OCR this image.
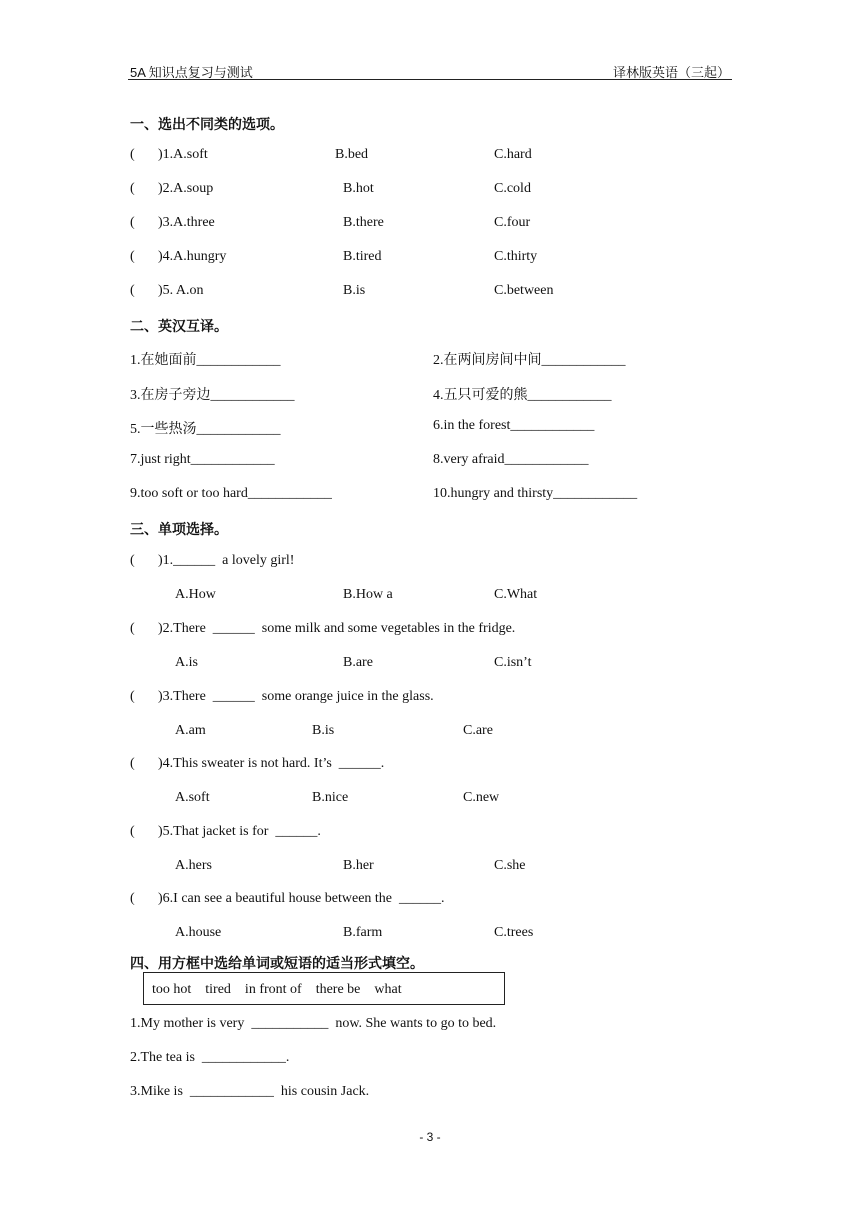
5A 知识点复习与测试	译林版英语（三起）
一、选出不同类的选项。
( )1.A.soft	B.bed	C.hard
( )2.A.soup	B.hot	C.cold
( )3.A.three	B.there	C.four
( )4.A.hungry	B.tired	C.thirty
( )5. A.on	B.is	C.between
二、英汉互译。
1.在她面前____________	2.在两间房间中间____________
3.在房子旁边____________	4.五只可爱的熊____________
5.一些热汤____________	6.in the forest____________
7.just right____________	8.very afraid____________
9.too soft or too hard____________	10.hungry and thirsty____________
三、单项选择。
( )1.______  a lovely girl!
A.How	B.How a	C.What
( )2.There  ______  some milk and some vegetables in the fridge.
A.is	B.are	C.isn’t
( )3.There  ______  some orange juice in the glass.
A.am	B.is	C.are
( )4.This sweater is not hard. It’s  ______.
A.soft	B.nice	C.new
( )5.That jacket is for  ______.
A.hers	B.her	C.she
( )6.I can see a beautiful house between the  ______.
A.house	B.farm	C.trees
四、用方框中选给单词或短语的适当形式填空。
too hot    tired    in front of    there be    what
1.My mother is very  ___________  now. She wants to go to bed.
2.The tea is  ____________.
3.Mike is  ____________  his cousin Jack.
- 3 -
